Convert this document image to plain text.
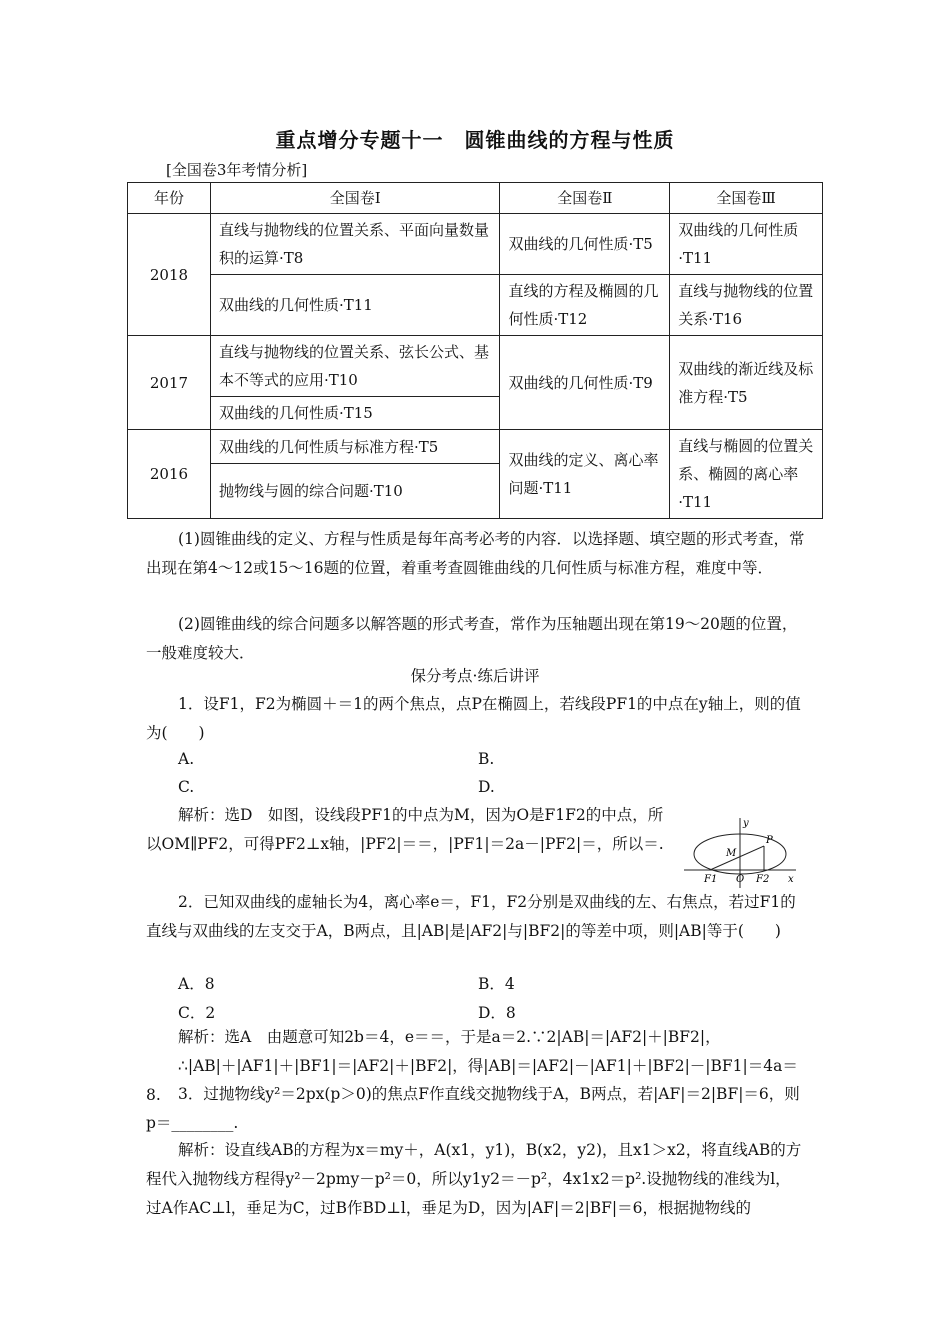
重点增分专题十一　圆锥曲线的方程与性质
[全国卷3年考情分析]
年份	全国卷Ⅰ	全国卷Ⅱ	全国卷Ⅲ
2018	直线与抛物线的位置关系、平面向量数量积的运算·T8	双曲线的几何性质·T5	双曲线的几何性质·T11
	双曲线的几何性质·T11	直线的方程及椭圆的几何性质·T12	直线与抛物线的位置关系·T16
2017	直线与抛物线的位置关系、弦长公式、基本不等式的应用·T10	双曲线的几何性质·T9	双曲线的渐近线及标准方程·T5
	双曲线的几何性质·T15		
2016	双曲线的几何性质与标准方程·T5	双曲线的定义、离心率问题·T11	直线与椭圆的位置关系、椭圆的离心率·T11
	抛物线与圆的综合问题·T10		
(1)圆锥曲线的定义、方程与性质是每年高考必考的内容．以选择题、填空题的形式考查，常出现在第4～12或15～16题的位置，着重考查圆锥曲线的几何性质与标准方程，难度中等．
(2)圆锥曲线的综合问题多以解答题的形式考查，常作为压轴题出现在第19～20题的位置，一般难度较大．
保分考点·练后讲评
1．设F1，F2为椭圆＋＝1的两个焦点，点P在椭圆上，若线段PF1的中点在y轴上，则的值为(　　)
A.	B.
C.	D.
解析：选D　如图，设线段PF1的中点为M，因为O是F1F2的中点，所以OM∥PF2，可得PF2⊥x轴，|PF2|＝＝，|PF1|＝2a－|PF2|＝，所以＝.
y
P
M
F1 O F2 x
2．已知双曲线的虚轴长为4，离心率e＝，F1，F2分别是双曲线的左、右焦点，若过F1的直线与双曲线的左支交于A，B两点，且|AB|是|AF2|与|BF2|的等差中项，则|AB|等于(　　)
A．8	B．4
C．2	D．8
解析：选A　由题意可知2b＝4，e＝＝，于是a＝2.∵2|AB|＝|AF2|＋|BF2|，
∴|AB|＋|AF1|＋|BF1|＝|AF2|＋|BF2|，得|AB|＝|AF2|－|AF1|＋|BF2|－|BF1|＝4a＝8.	3．过抛物线y²＝2px(p＞0)的焦点F作直线交抛物线于A，B两点，若|AF|＝2|BF|＝6，则p＝________.
解析：设直线AB的方程为x＝my＋，A(x1，y1)，B(x2，y2)，且x1＞x2，将直线AB的方程代入抛物线方程得y²－2pmy－p²＝0，所以y1y2＝－p²，4x1x2＝p².设抛物线的准线为l，过A作AC⊥l，垂足为C，过B作BD⊥l，垂足为D，因为|AF|＝2|BF|＝6，根据抛物线的
